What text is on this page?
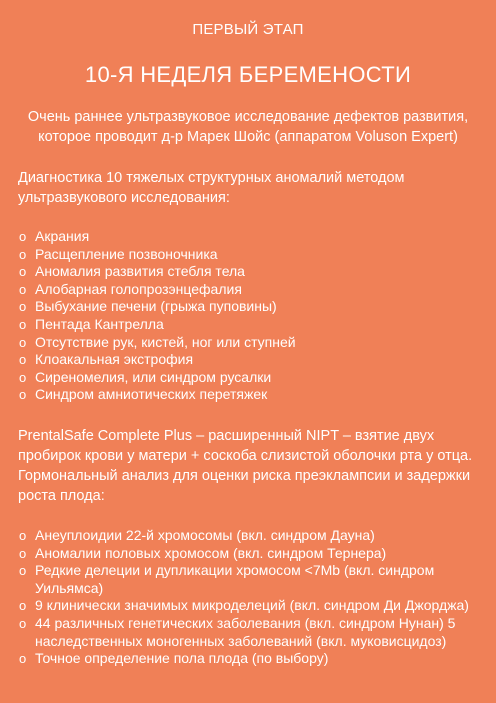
ПЕРВЫЙ ЭТАП
10-Я НЕДЕЛЯ БЕРЕМЕНОСТИ

Очень раннее ультразвуковое исследование дефектов развития, которое проводит д-р Марек Шойс (аппаратом Voluson Expert)

Диагностика 10 тяжелых структурных аномалий методом ультразвукового исследования:

o Акрания
o Расщепление позвоночника
o Аномалия развития стебля тела
o Алобарная голопрозэнцефалия
o Выбухание печени (грыжа пуповины)
o Пентада Кантрелла
o Отсутствие рук, кистей, ног или ступней
o Клоакальная экстрофия
o Сиреномелия, или синдром русалки
o Синдром амниотических перетяжек

PrentalSafe Complete Plus – расширенный NIPT – взятие двух пробирок крови у матери + соскоба слизистой оболочки рта у отца. Гормональный анализ для оценки риска преэклампсии и задержки роста плода:

o Анеуплоидии 22-й хромосомы (вкл. синдром Дауна)
o Аномалии половых хромосом (вкл. синдром Тернера)
o Редкие делеции и дупликации хромосом <7Mb (вкл. синдром Уильямса)
o 9 клинически значимых микроделеций (вкл. синдром Ди Джорджа)
o 44 различных генетических заболевания (вкл. синдром Нунан) 5 наследственных моногенных заболеваний (вкл. муковисцидоз)
o Точное определение пола плода (по выбору)
